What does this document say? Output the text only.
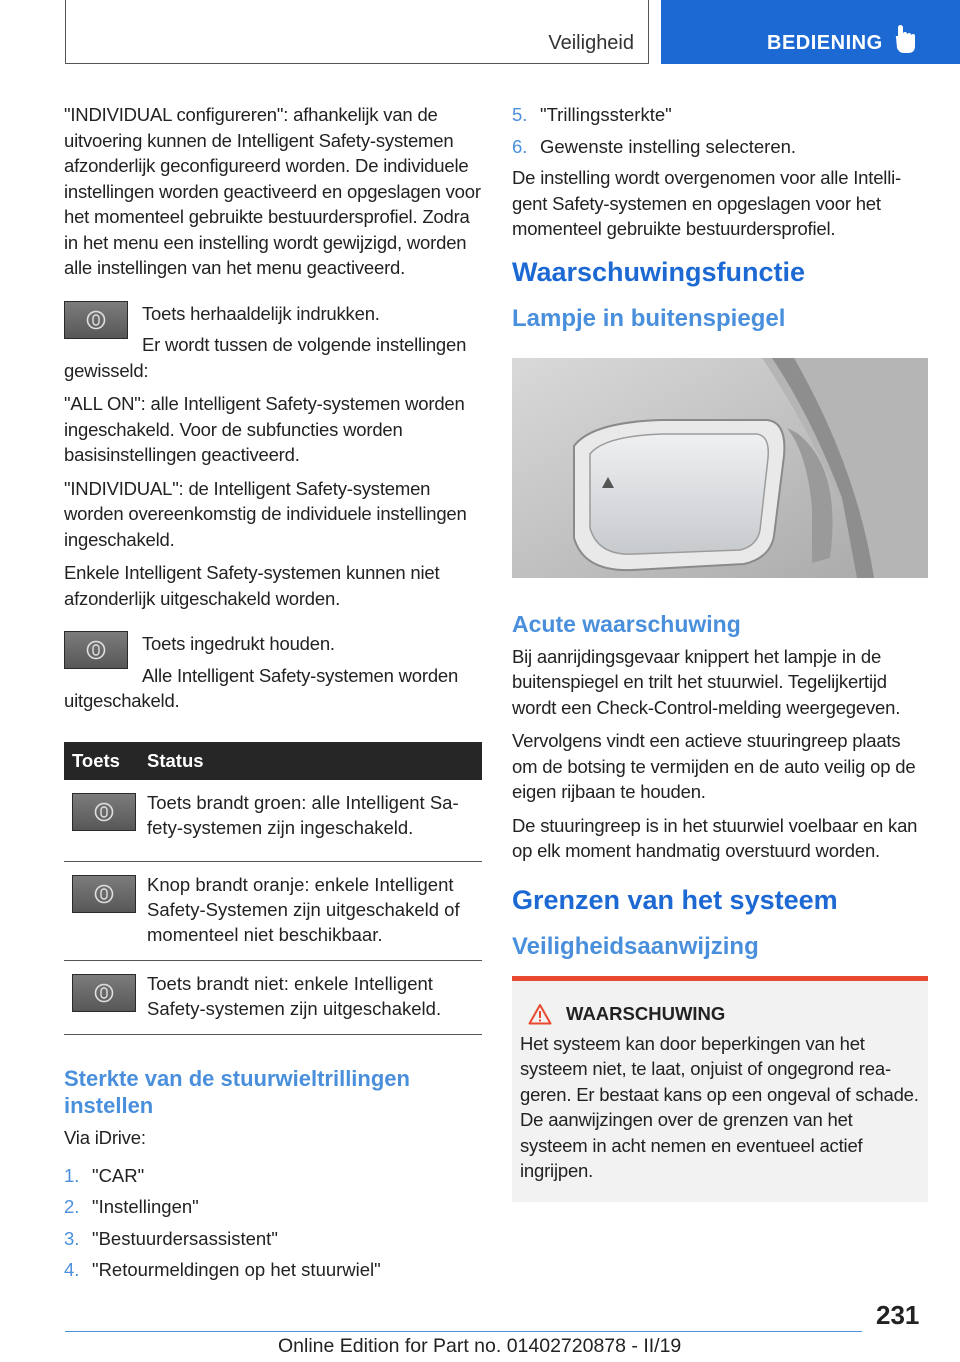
Veiligheid	BEDIENING

"INDIVIDUAL configureren": afhankelijk van de uitvoering kunnen de Intelligent Safety-systemen afzonderlijk geconfigureerd worden. De individuele instellingen worden geactiveerd en opgeslagen voor het momenteel gebruikte bestuurdersprofiel. Zodra in het menu een instelling wordt gewijzigd, worden alle instellingen van het menu geactiveerd.

Toets herhaaldelijk indrukken.

Er wordt tussen de volgende instellingen gewisseld:

"ALL ON": alle Intelligent Safety-systemen worden ingeschakeld. Voor de subfuncties worden basisinstellingen geactiveerd.

"INDIVIDUAL": de Intelligent Safety-systemen worden overeenkomstig de individuele instellingen ingeschakeld.

Enkele Intelligent Safety-systemen kunnen niet afzonderlijk uitgeschakeld worden.

Toets ingedrukt houden.

Alle Intelligent Safety-systemen worden uitgeschakeld.

Toets	Status

	Toets brandt groen: alle Intelligent Safety-systemen zijn ingeschakeld.

	Knop brandt oranje: enkele Intelligent Safety-Systemen zijn uitgeschakeld of momenteel niet beschikbaar.

	Toets brandt niet: enkele Intelligent Safety-systemen zijn uitgeschakeld.
Sterkte van de stuurwieltrillingen instellen

Via iDrive:

1. "CAR"
2. "Instellingen"
3. "Bestuurdersassistent"
4. "Retourmeldingen op het stuurwiel"
5. "Trillingssterkte"
6. Gewenste instelling selecteren.

De instelling wordt overgenomen voor alle Intelligent Safety-systemen en opgeslagen voor het momenteel gebruikte bestuurdersprofiel.

Waarschuwingsfunctie
Lampje in buitenspiegel
Acute waarschuwing

Bij aanrijdingsgevaar knippert het lampje in de buitenspiegel en trilt het stuurwiel. Tegelijkertijd wordt een Check-Control-melding weergegeven.

Vervolgens vindt een actieve stuuringreep plaats om de botsing te vermijden en de auto veilig op de eigen rijbaan te houden.

De stuuringreep is in het stuurwiel voelbaar en kan op elk moment handmatig overstuurd worden.

Grenzen van het systeem
Veiligheidsaanwijzing
WAARSCHUWING

Het systeem kan door beperkingen van het systeem niet, te laat, onjuist of ongegrond reageren. Er bestaat kans op een ongeval of schade. De aanwijzingen over de grenzen van het systeem in acht nemen en eventueel actief ingrijpen.

231
Online Edition for Part no. 01402720878 - II/19
